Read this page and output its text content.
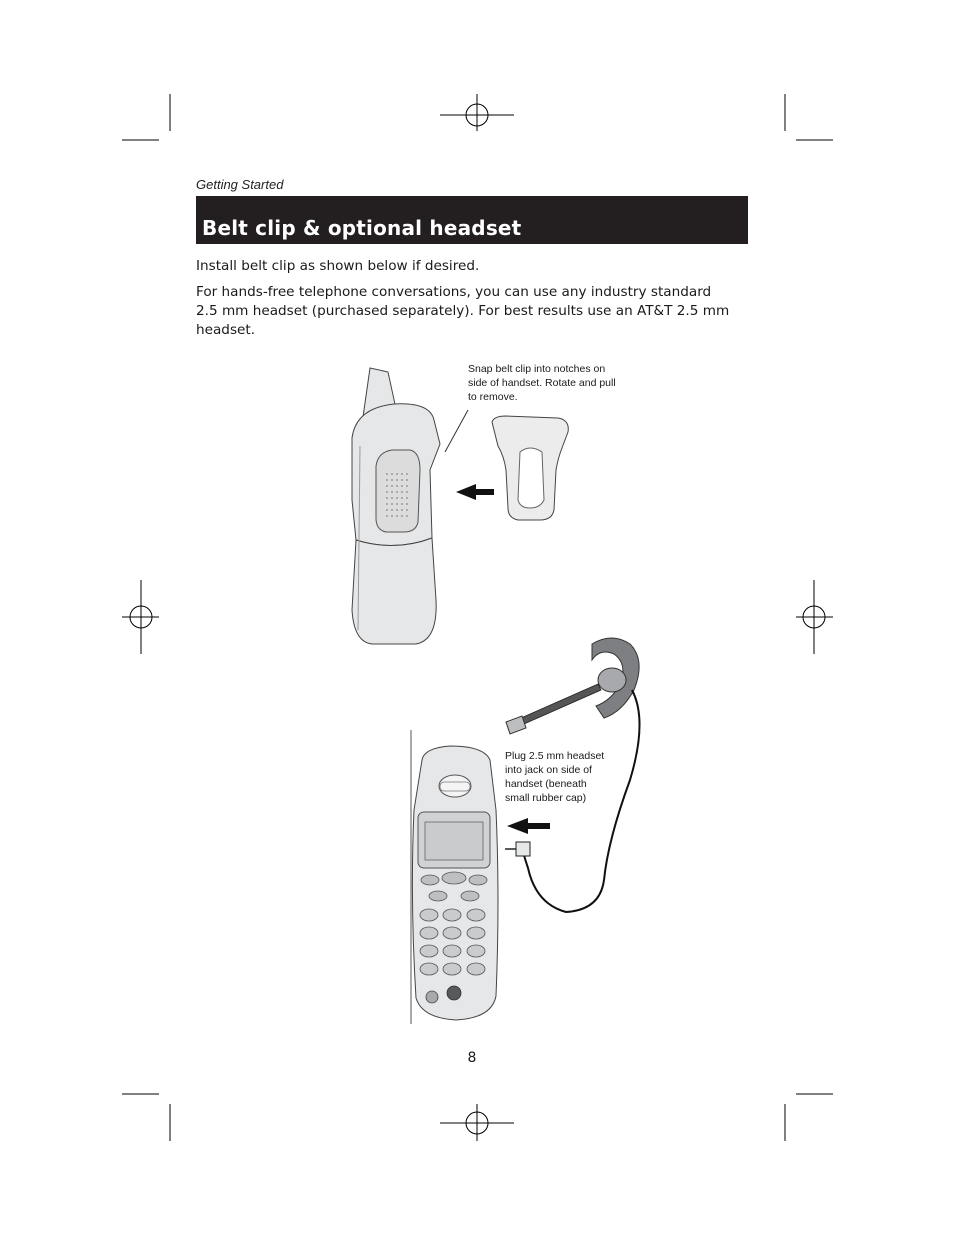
Getting Started
Belt clip & optional headset
Install belt clip as shown below if desired.
For hands-free telephone conversations, you can use any industry standard 2.5 mm headset (purchased separately). For best results use an AT&T 2.5 mm headset.
Snap belt clip into notches on side of handset. Rotate and pull to remove.
Plug 2.5 mm headset into jack on side of handset (beneath small rubber cap)
8
